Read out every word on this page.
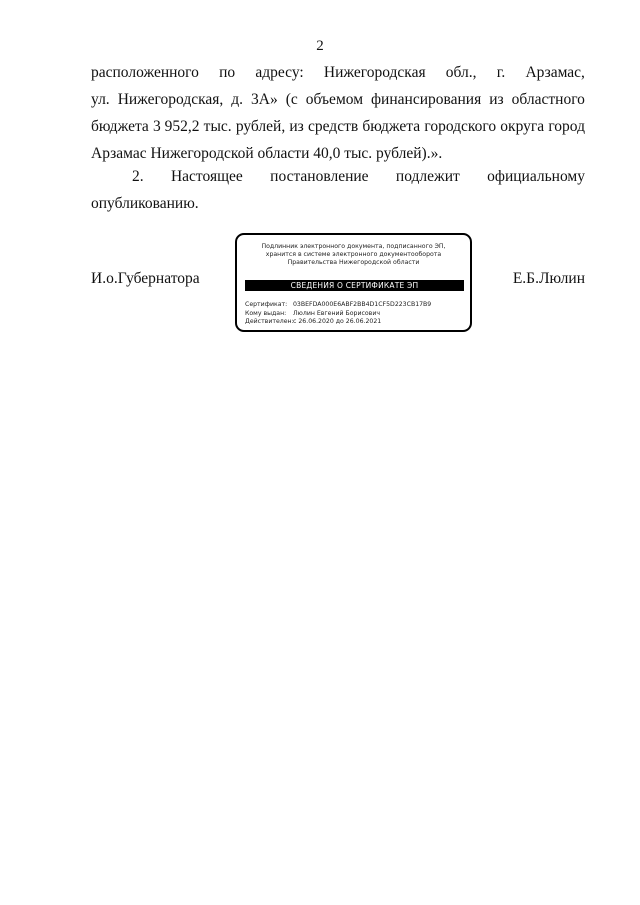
2
расположенного по адресу: Нижегородская обл., г. Арзамас,
ул. Нижегородская, д. 3А» (с объемом финансирования из областного
бюджета 3 952,2 тыс. рублей, из средств бюджета городского округа город
Арзамас Нижегородской области 40,0 тыс. рублей).».
2. Настоящее постановление подлежит официальному
опубликованию.
И.о.Губернатора	Е.Б.Люлин
Подлинник электронного документа, подписанного ЭП,
хранится в системе электронного документооборота
Правительства Нижегородской области
СВЕДЕНИЯ О СЕРТИФИКАТЕ ЭП
Сертификат: 03BEFDA000E6ABF2BB4D1CF5D223CB17B9
Кому выдан: Люлин Евгений Борисович
Действителен:с 26.06.2020 до 26.06.2021
